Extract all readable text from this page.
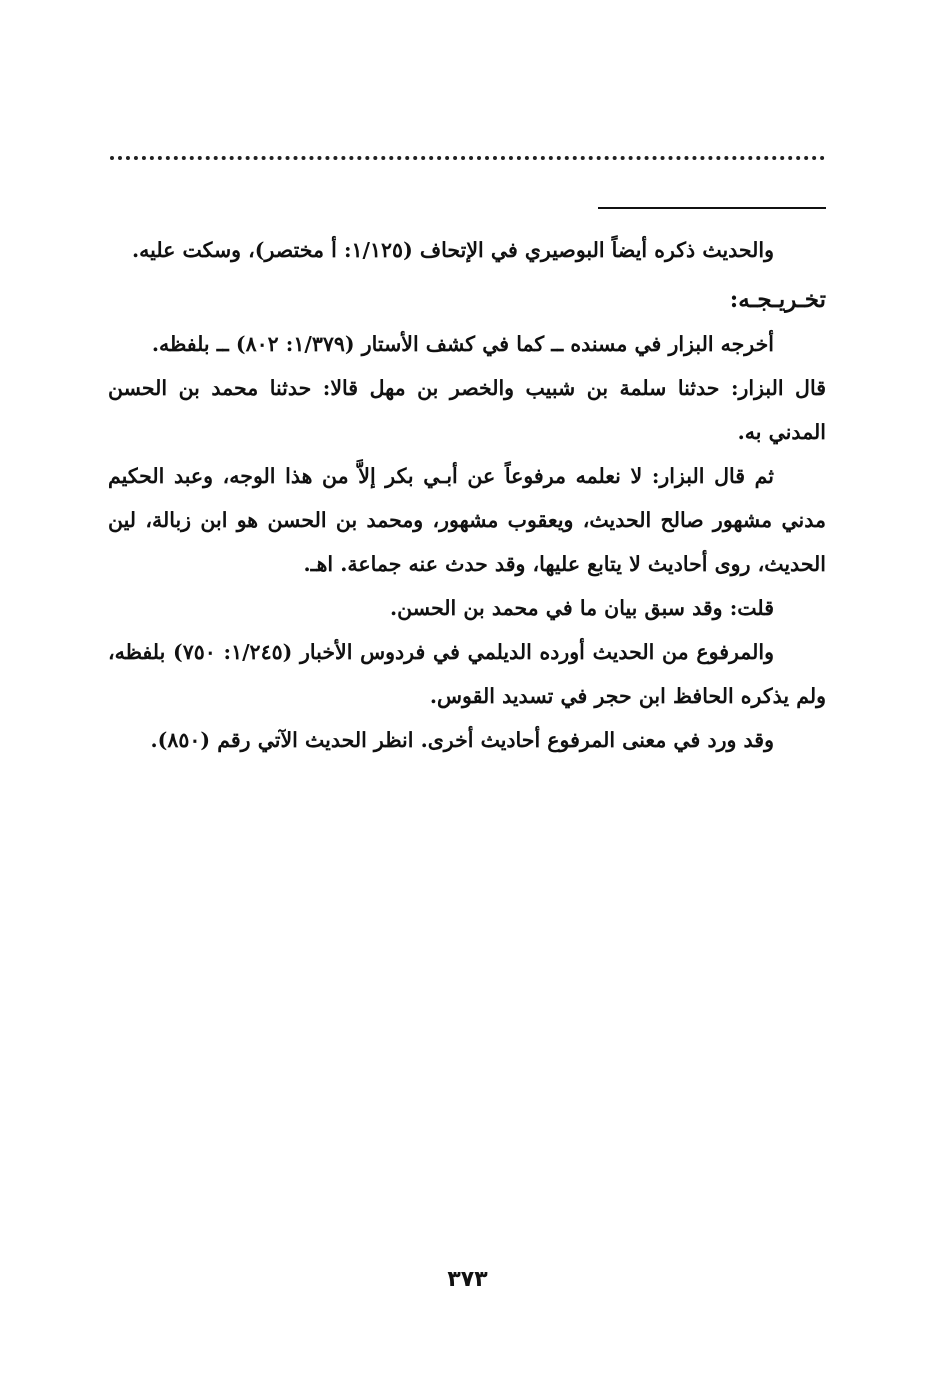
والحديث ذكره أيضاً البوصيري في الإتحاف (١/١٢٥: أ مختصر)، وسكت عليه.

تخـريـجـه:

أخرجه البزار في مسنده ــ كما في كشف الأستار (١/٣٧٩: ٨٠٢) ــ بلفظه.

قال البزار: حدثنا سلمة بن شبيب والخصر بن مهل قالا: حدثنا محمد بن الحسن المدني به.

ثم قال البزار: لا نعلمه مرفوعاً عن أبـي بكر إلاَّ من هذا الوجه، وعبد الحكيم مدني مشهور صالح الحديث، ويعقوب مشهور، ومحمد بن الحسن هو ابن زبالة، لين الحديث، روى أحاديث لا يتابع عليها، وقد حدث عنه جماعة. اهـ.

قلت: وقد سبق بيان ما في محمد بن الحسن.

والمرفوع من الحديث أورده الديلمي في فردوس الأخبار (١/٢٤٥: ٧٥٠) بلفظه، ولم يذكره الحافظ ابن حجر في تسديد القوس.

وقد ورد في معنى المرفوع أحاديث أخرى. انظر الحديث الآتي رقم (٨٥٠).

٣٧٣
